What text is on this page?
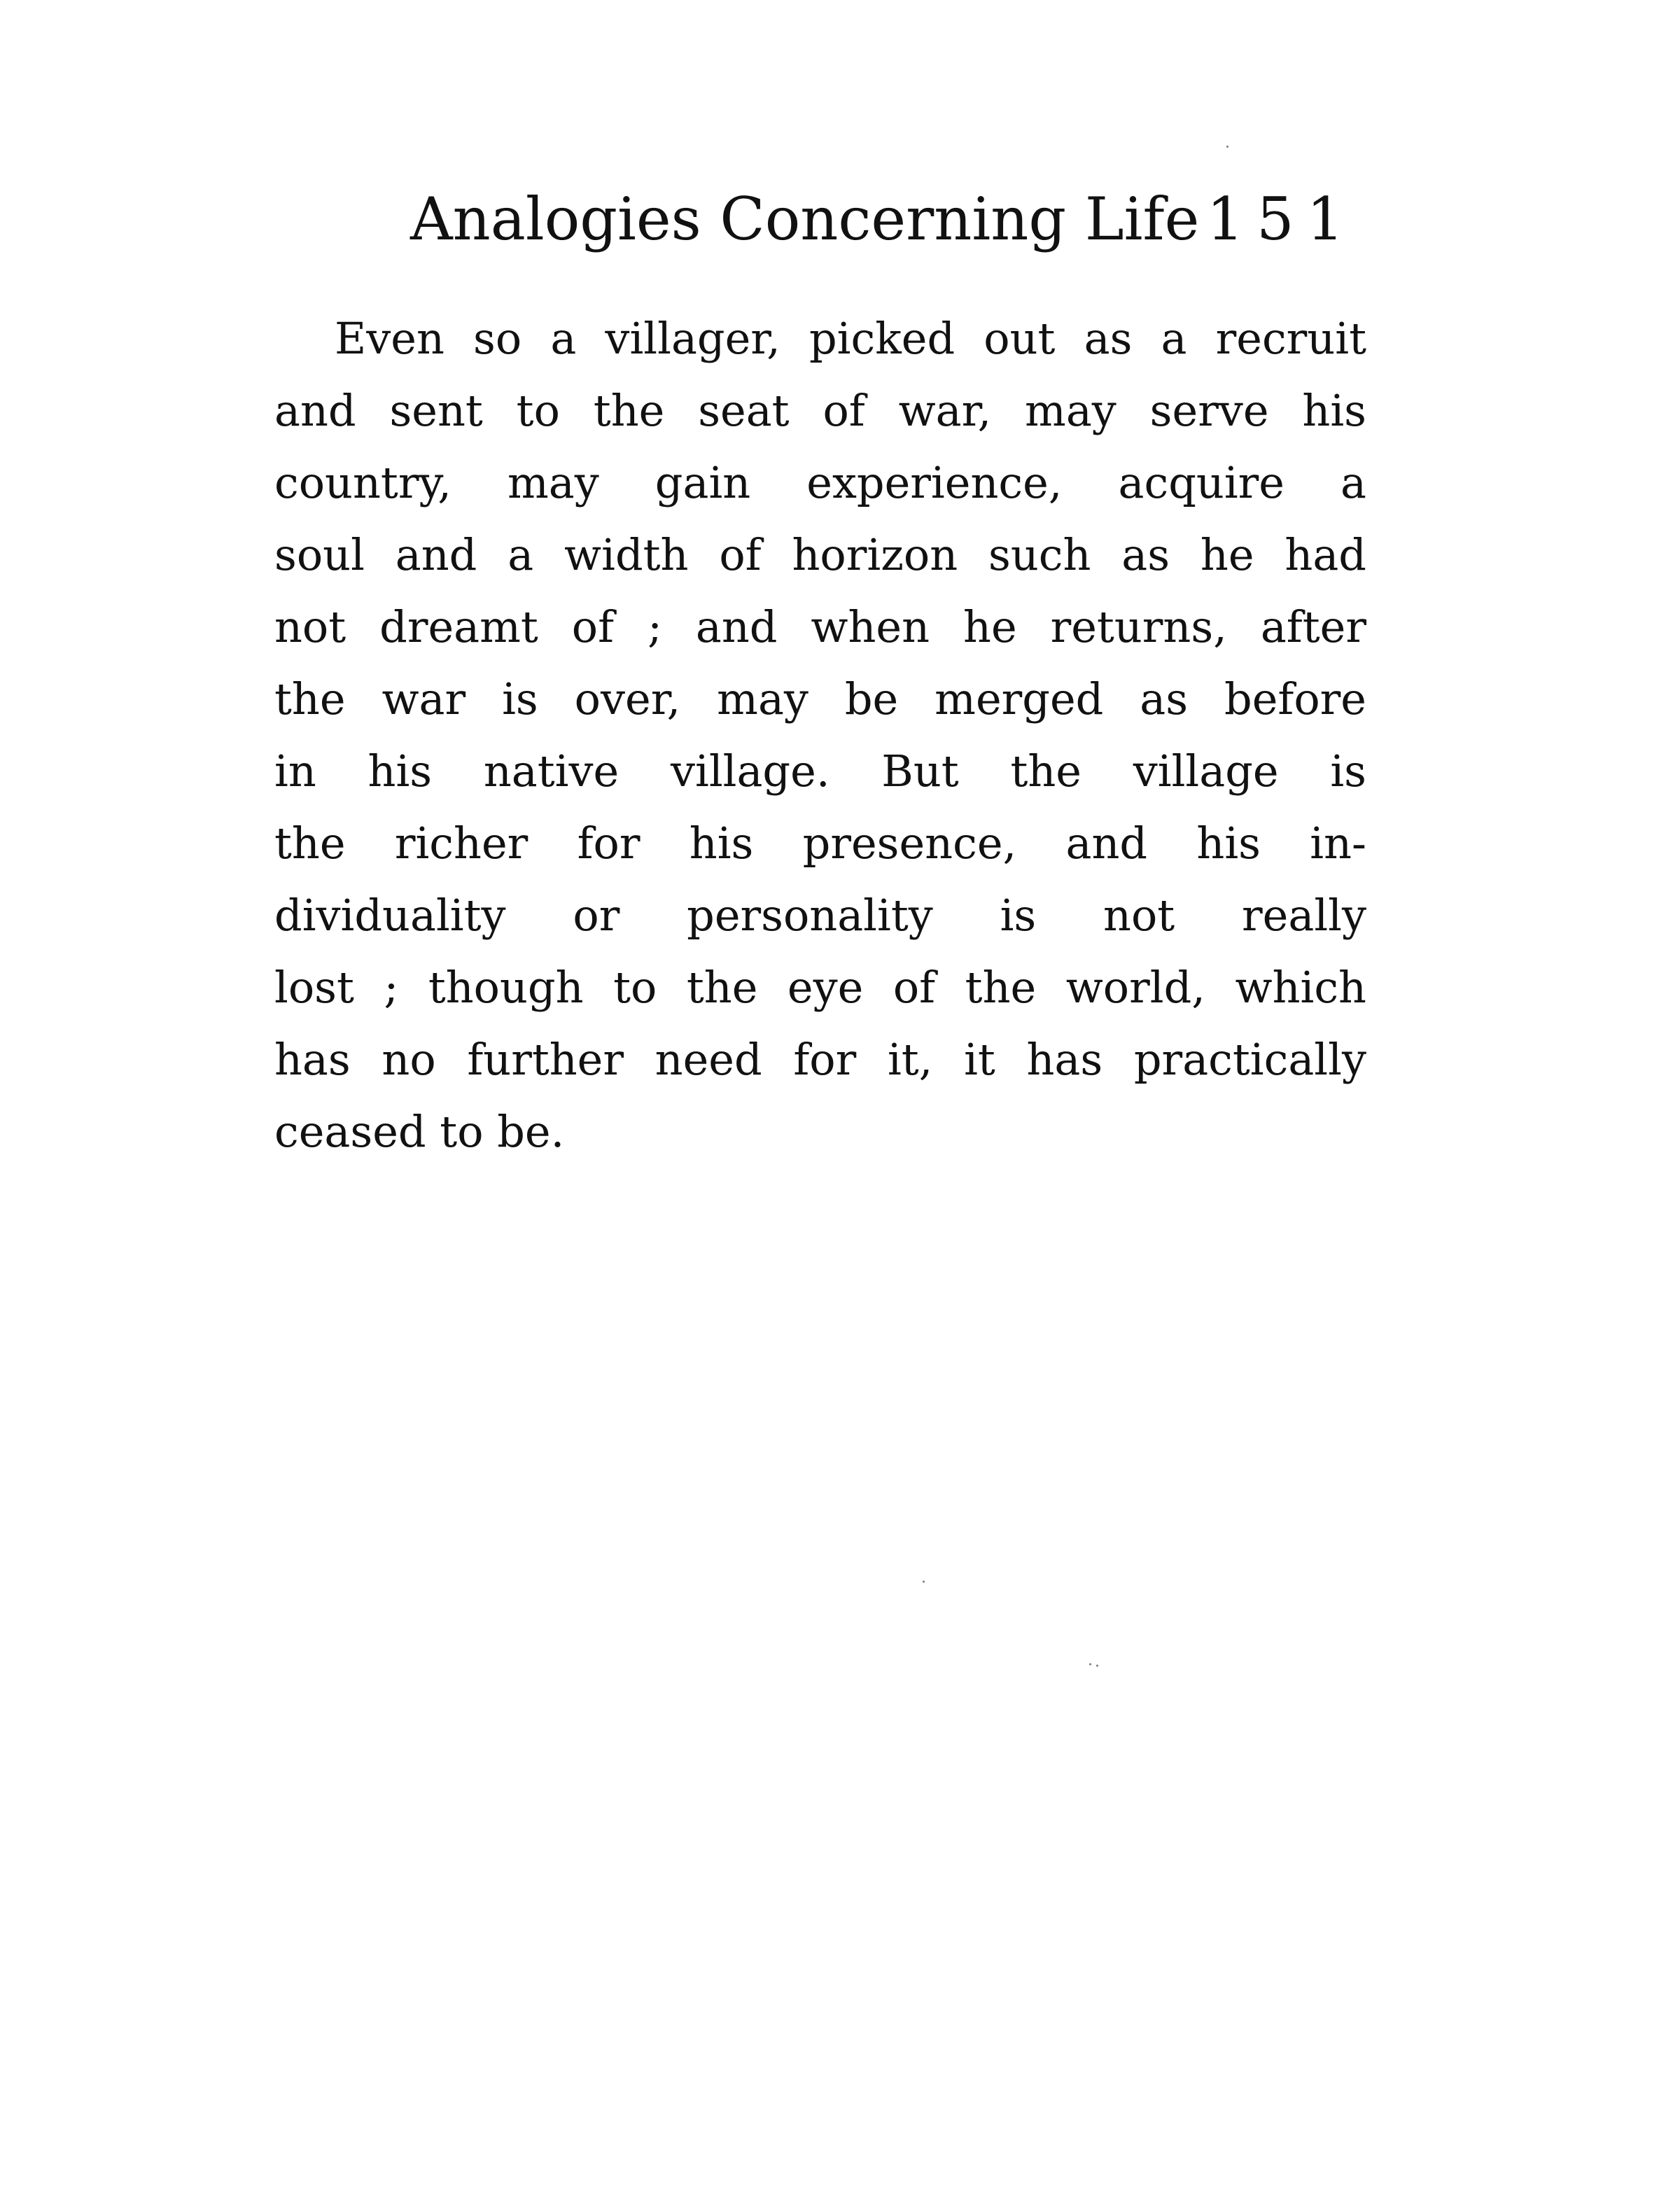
Analogies Concerning Life 151
Even so a villager, picked out as a recruit
and sent to the seat of war, may serve his
country, may gain experience, acquire a
soul and a width of horizon such as he had
not dreamt of ; and when he returns, after
the war is over, may be merged as before
in his native village. But the village is
the richer for his presence, and his in-
dividuality or personality is not really
lost ; though to the eye of the world, which
has no further need for it, it has practically
ceased to be.
